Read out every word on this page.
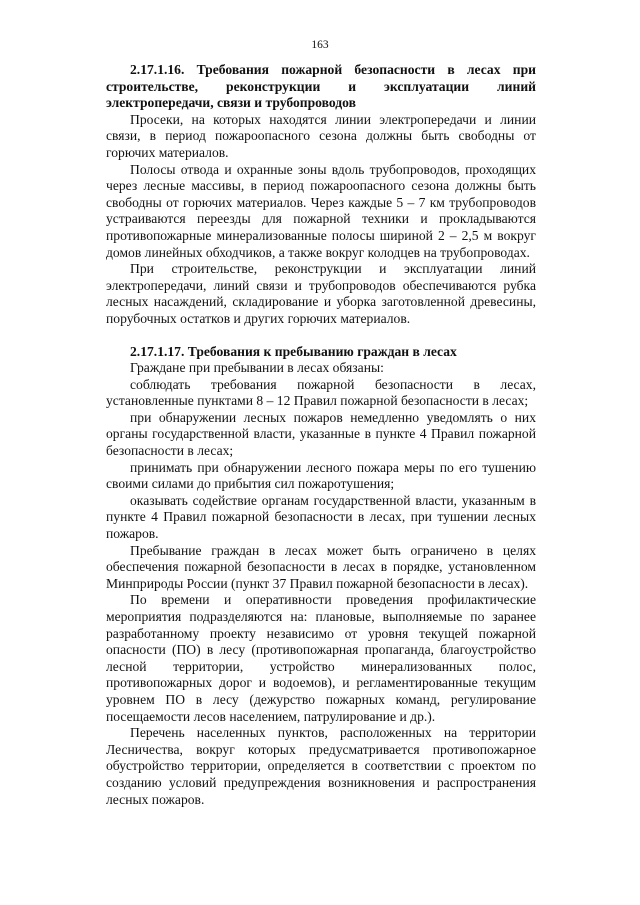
163

2.17.1.16. Требования пожарной безопасности в лесах при строительстве, реконструкции и эксплуатации линий электропередачи, связи и трубопроводов

Просеки, на которых находятся линии электропередачи и линии связи, в период пожароопасного сезона должны быть свободны от горючих материалов.

Полосы отвода и охранные зоны вдоль трубопроводов, проходящих через лесные массивы, в период пожароопасного сезона должны быть свободны от горючих материалов. Через каждые 5 – 7 км трубопроводов устраиваются переезды для пожарной техники и прокладываются противопожарные минерализованные полосы шириной 2 – 2,5 м вокруг домов линейных обходчиков, а также вокруг колодцев на трубопроводах.

При строительстве, реконструкции и эксплуатации линий электропередачи, линий связи и трубопроводов обеспечиваются рубка лесных насаждений, складирование и уборка заготовленной древесины, порубочных остатков и других горючих материалов.

2.17.1.17. Требования к пребыванию граждан в лесах

Граждане при пребывании в лесах обязаны:

соблюдать требования пожарной безопасности в лесах, установленные пунктами 8 – 12 Правил пожарной безопасности в лесах;

при обнаружении лесных пожаров немедленно уведомлять о них органы государственной власти, указанные в пункте 4 Правил пожарной безопасности в лесах;

принимать при обнаружении лесного пожара меры по его тушению своими силами до прибытия сил пожаротушения;

оказывать содействие органам государственной власти, указанным в пункте 4 Правил пожарной безопасности в лесах, при тушении лесных пожаров.

Пребывание граждан в лесах может быть ограничено в целях обеспечения пожарной безопасности в лесах в порядке, установленном Минприроды России (пункт 37 Правил пожарной безопасности в лесах).

По времени и оперативности проведения профилактические мероприятия подразделяются на: плановые, выполняемые по заранее разработанному проекту независимо от уровня текущей пожарной опасности (ПО) в лесу (противопожарная пропаганда, благоустройство лесной территории, устройство минерализованных полос, противопожарных дорог и водоемов), и регламентированные текущим уровнем ПО в лесу (дежурство пожарных команд, регулирование посещаемости лесов населением, патрулирование и др.).

Перечень населенных пунктов, расположенных на территории Лесничества, вокруг которых предусматривается противопожарное обустройство территории, определяется в соответствии с проектом по созданию условий предупреждения возникновения и распространения лесных пожаров.
